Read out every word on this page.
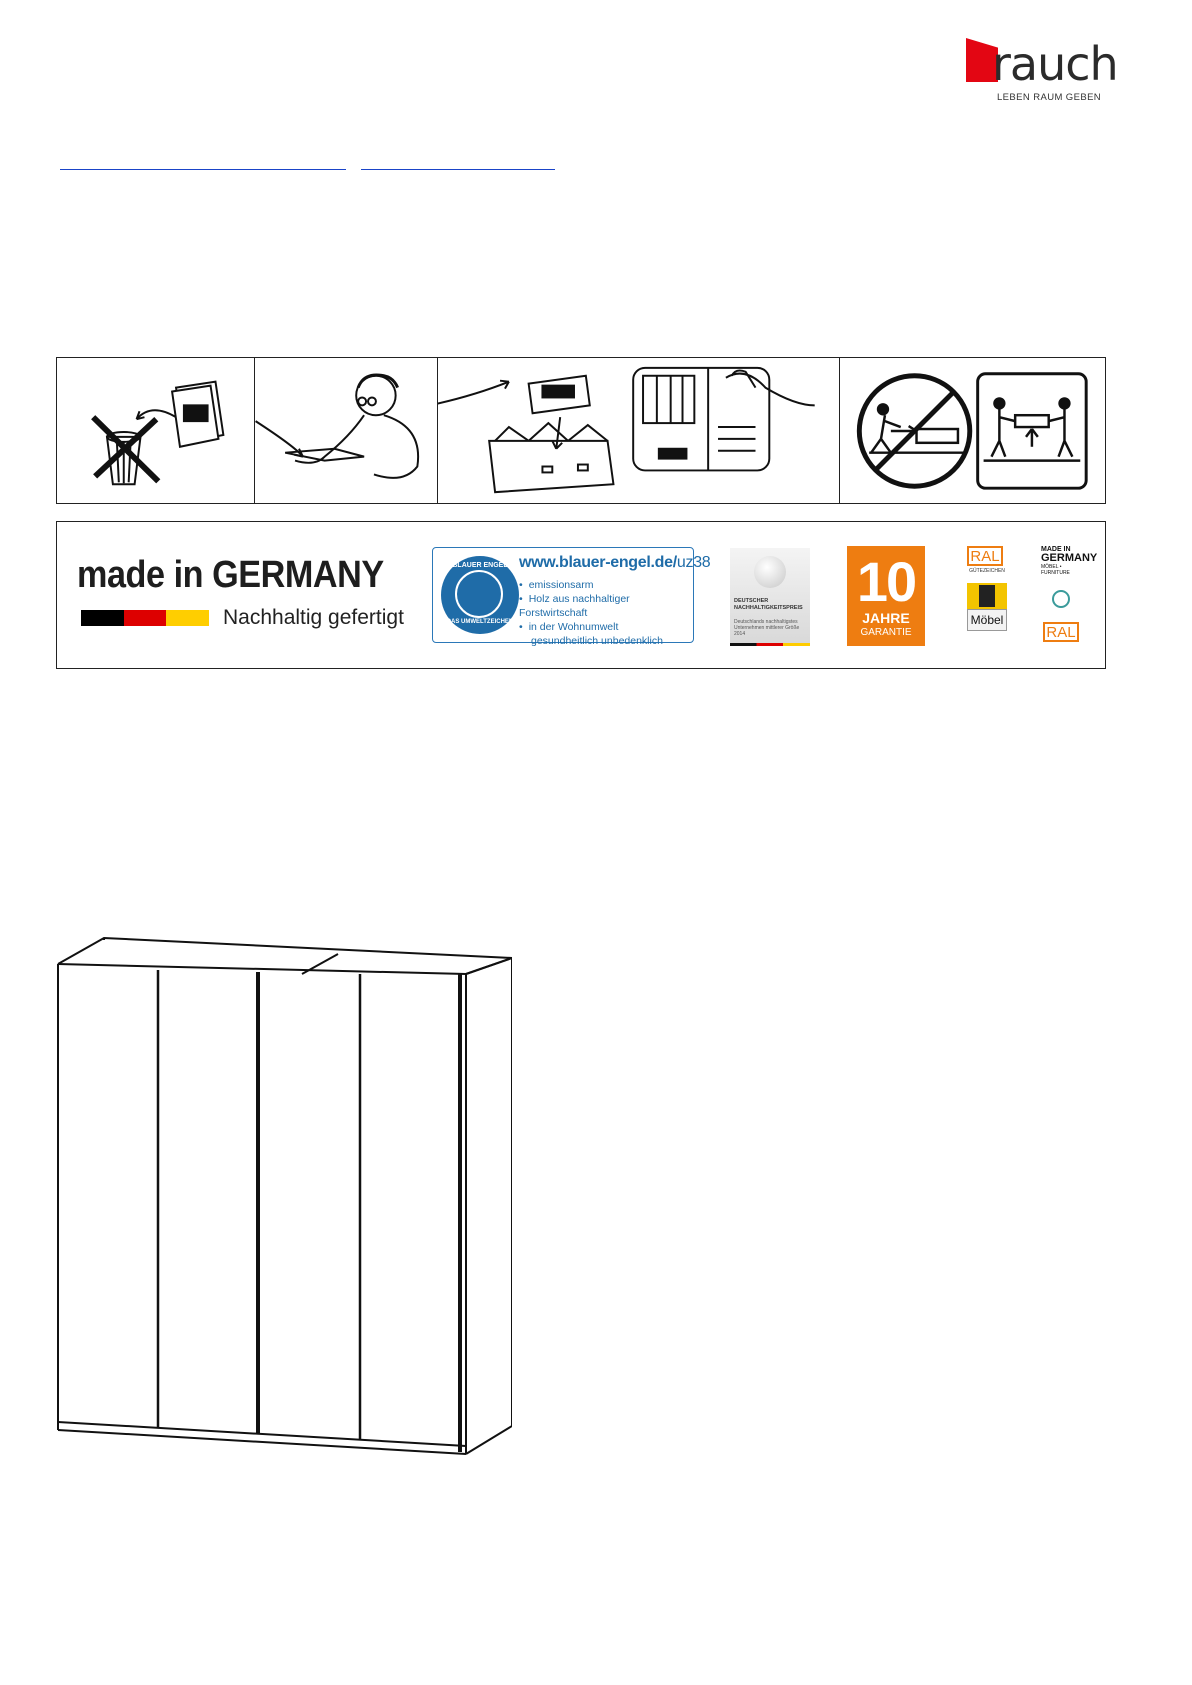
rauch
LEBEN RAUM GEBEN
made in GERMANY
Nachhaltig gefertigt
BLAUER ENGEL
DAS UMWELTZEICHEN
www.blauer-engel.de/uz38
• emissionsarm
• Holz aus nachhaltiger Forstwirtschaft
• in der Wohnumwelt gesundheitlich unbedenklich
DEUTSCHER NACHHALTIGKEITSPREIS
Deutschlands nachhaltigstes Unternehmen mittlerer Größe 2014
10
JAHRE
GARANTIE
RAL
GÜTEZEICHEN
Möbel
MADE IN
GERMANY
MÖBEL • FURNITURE
RAL
